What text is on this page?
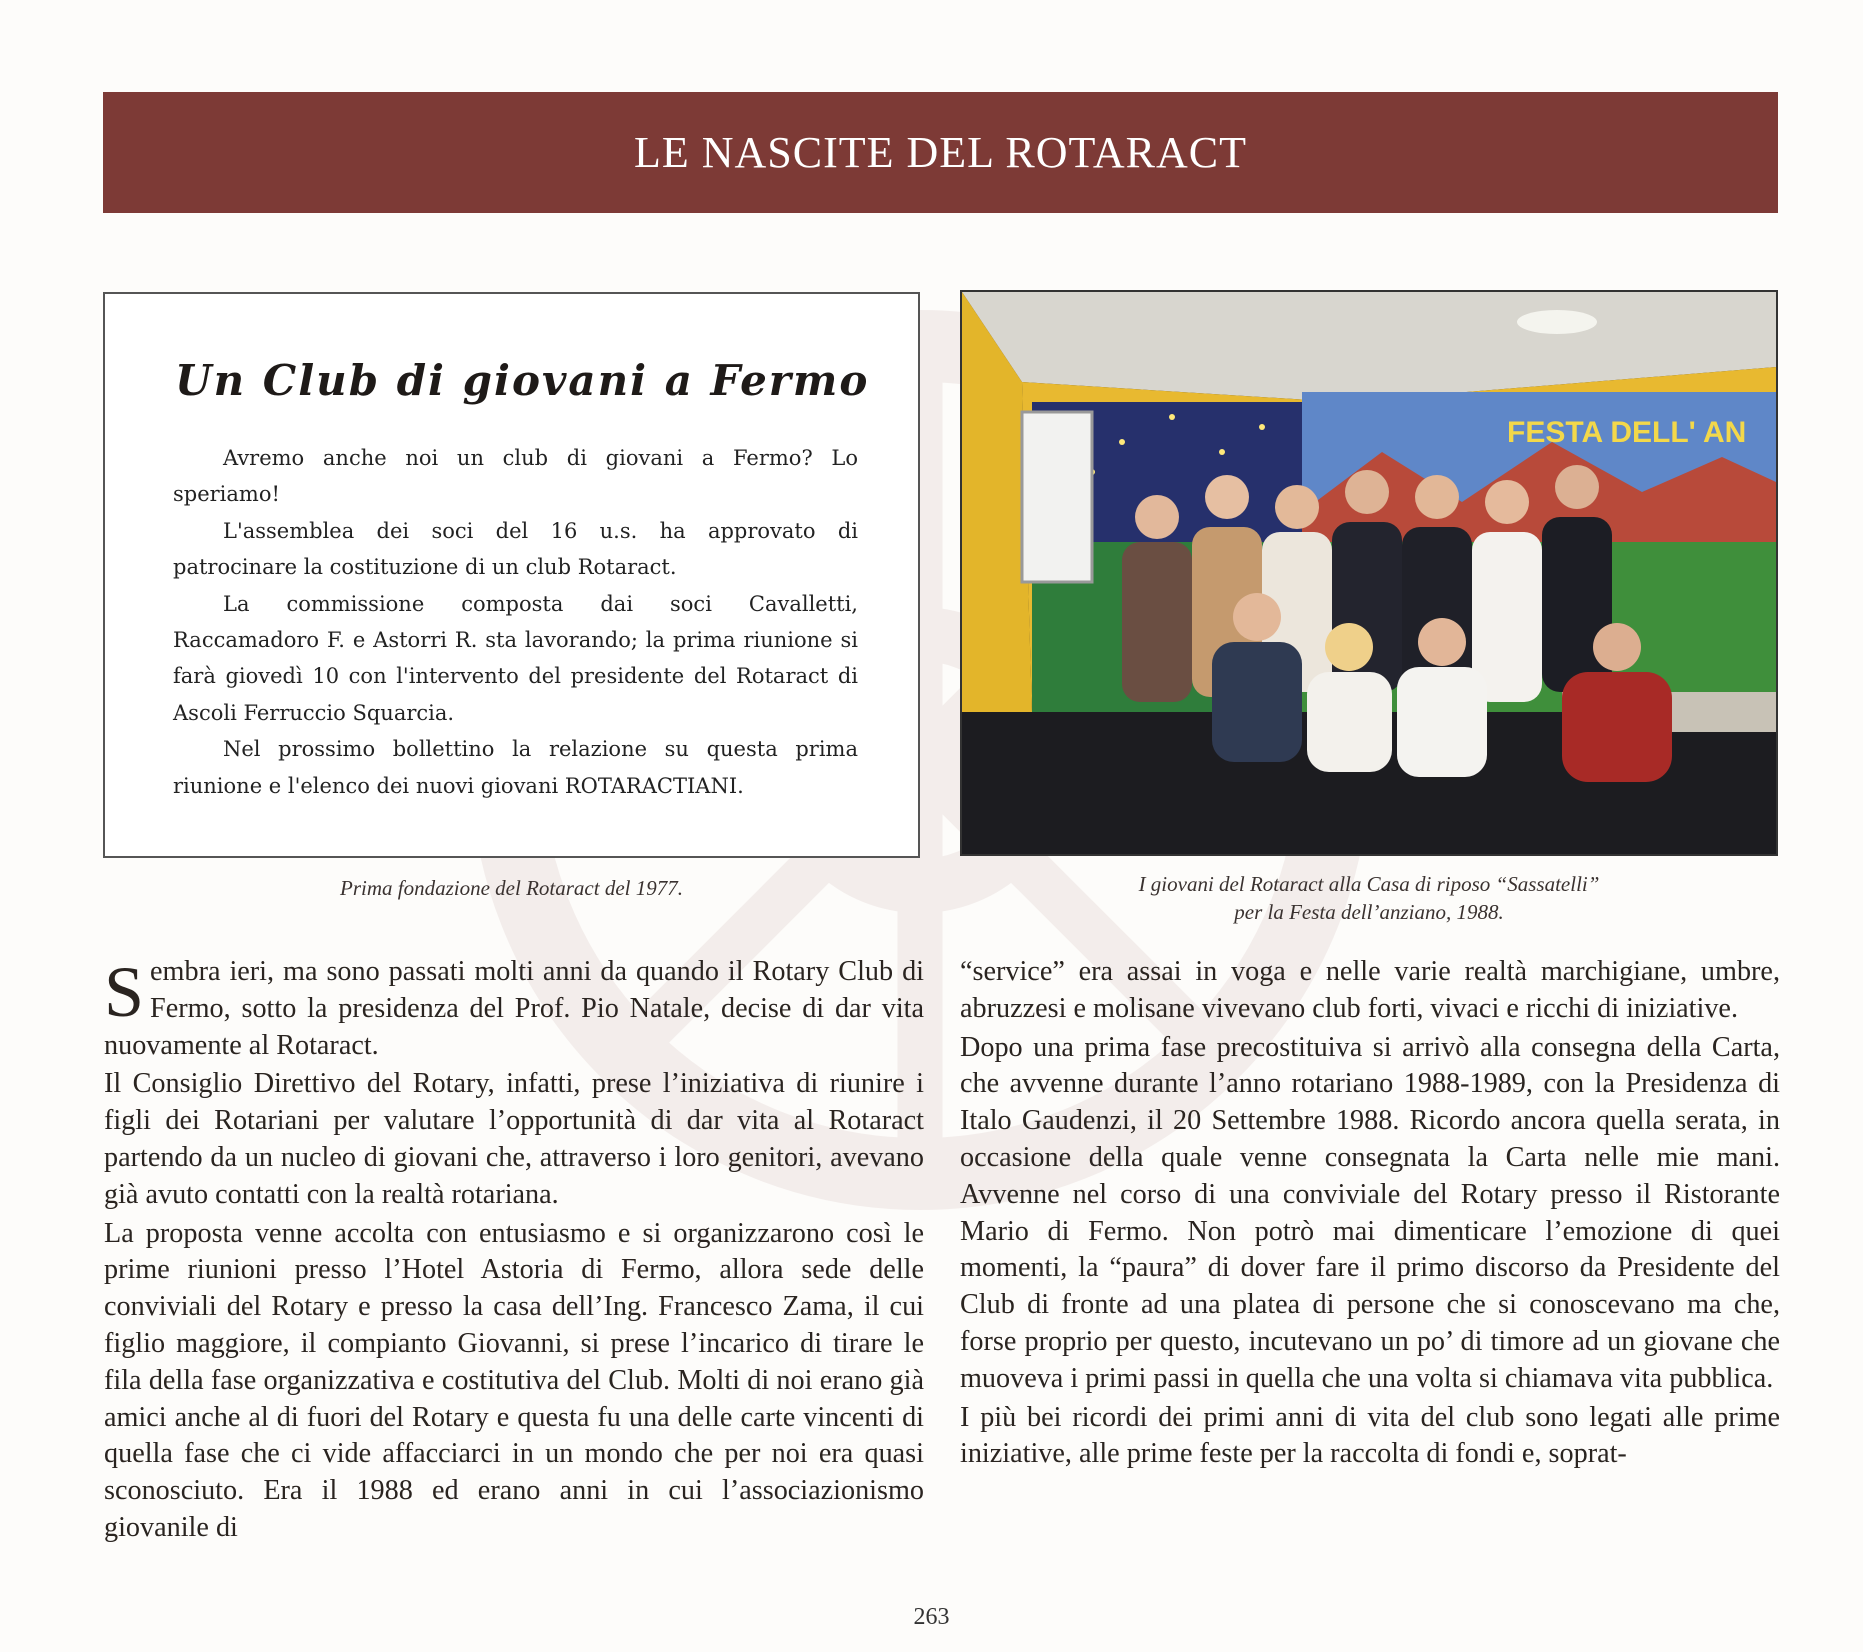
LE NASCITE DEL ROTARACT

Un Club di giovani a Fermo

Avremo anche noi un club di giovani a Fermo? Lo speriamo!

L'assemblea dei soci del 16 u.s. ha approvato di patrocinare la costituzione di un club Rotaract.

La commissione composta dai soci Cavalletti, Raccamadoro F. e Astorri R. sta lavorando; la prima riunione si farà giovedì 10 con l'intervento del presidente del Rotaract di Ascoli Ferruccio Squarcia.

Nel prossimo bollettino la relazione su questa prima riunione e l'elenco dei nuovi giovani ROTARACTIANI.

FESTA DELL' AN

Prima fondazione del Rotaract del 1977.	I giovani del Rotaract alla Casa di riposo “Sassatelli”
per la Festa dell’anziano, 1988.

Sembra ieri, ma sono passati molti anni da quando il Rotary Club di Fermo, sotto la presidenza del Prof. Pio Natale, decise di dar vita nuovamente al Rotaract.

Il Consiglio Direttivo del Rotary, infatti, prese l’iniziativa di riunire i figli dei Rotariani per valutare l’opportunità di dar vita al Rotaract partendo da un nucleo di giovani che, attraverso i loro genitori, avevano già avuto contatti con la realtà rotariana.

La proposta venne accolta con entusiasmo e si organizzarono così le prime riunioni presso l’Hotel Astoria di Fermo, allora sede delle conviviali del Rotary e presso la casa dell’Ing. Francesco Zama, il cui figlio maggiore, il compianto Giovanni, si prese l’incarico di tirare le fila della fase organizzativa e costitutiva del Club. Molti di noi erano già amici anche al di fuori del Rotary e questa fu una delle carte vincenti di quella fase che ci vide affacciarci in un mondo che per noi era quasi sconosciuto. Era il 1988 ed erano anni in cui l’associazionismo giovanile di

“service” era assai in voga e nelle varie realtà marchigiane, umbre, abruzzesi e molisane vivevano club forti, vivaci e ricchi di iniziative.

Dopo una prima fase precostituiva si arrivò alla consegna della Carta, che avvenne durante l’anno rotariano 1988-1989, con la Presidenza di Italo Gaudenzi, il 20 Settembre 1988. Ricordo ancora quella serata, in occasione della quale venne consegnata la Carta nelle mie mani. Avvenne nel corso di una conviviale del Rotary presso il Ristorante Mario di Fermo. Non potrò mai dimenticare l’emozione di quei momenti, la “paura” di dover fare il primo discorso da Presidente del Club di fronte ad una platea di persone che si conoscevano ma che, forse proprio per questo, incutevano un po’ di timore ad un giovane che muoveva i primi passi in quella che una volta si chiamava vita pubblica.

I più bei ricordi dei primi anni di vita del club sono legati alle prime iniziative, alle prime feste per la raccolta di fondi e, soprat-

263
